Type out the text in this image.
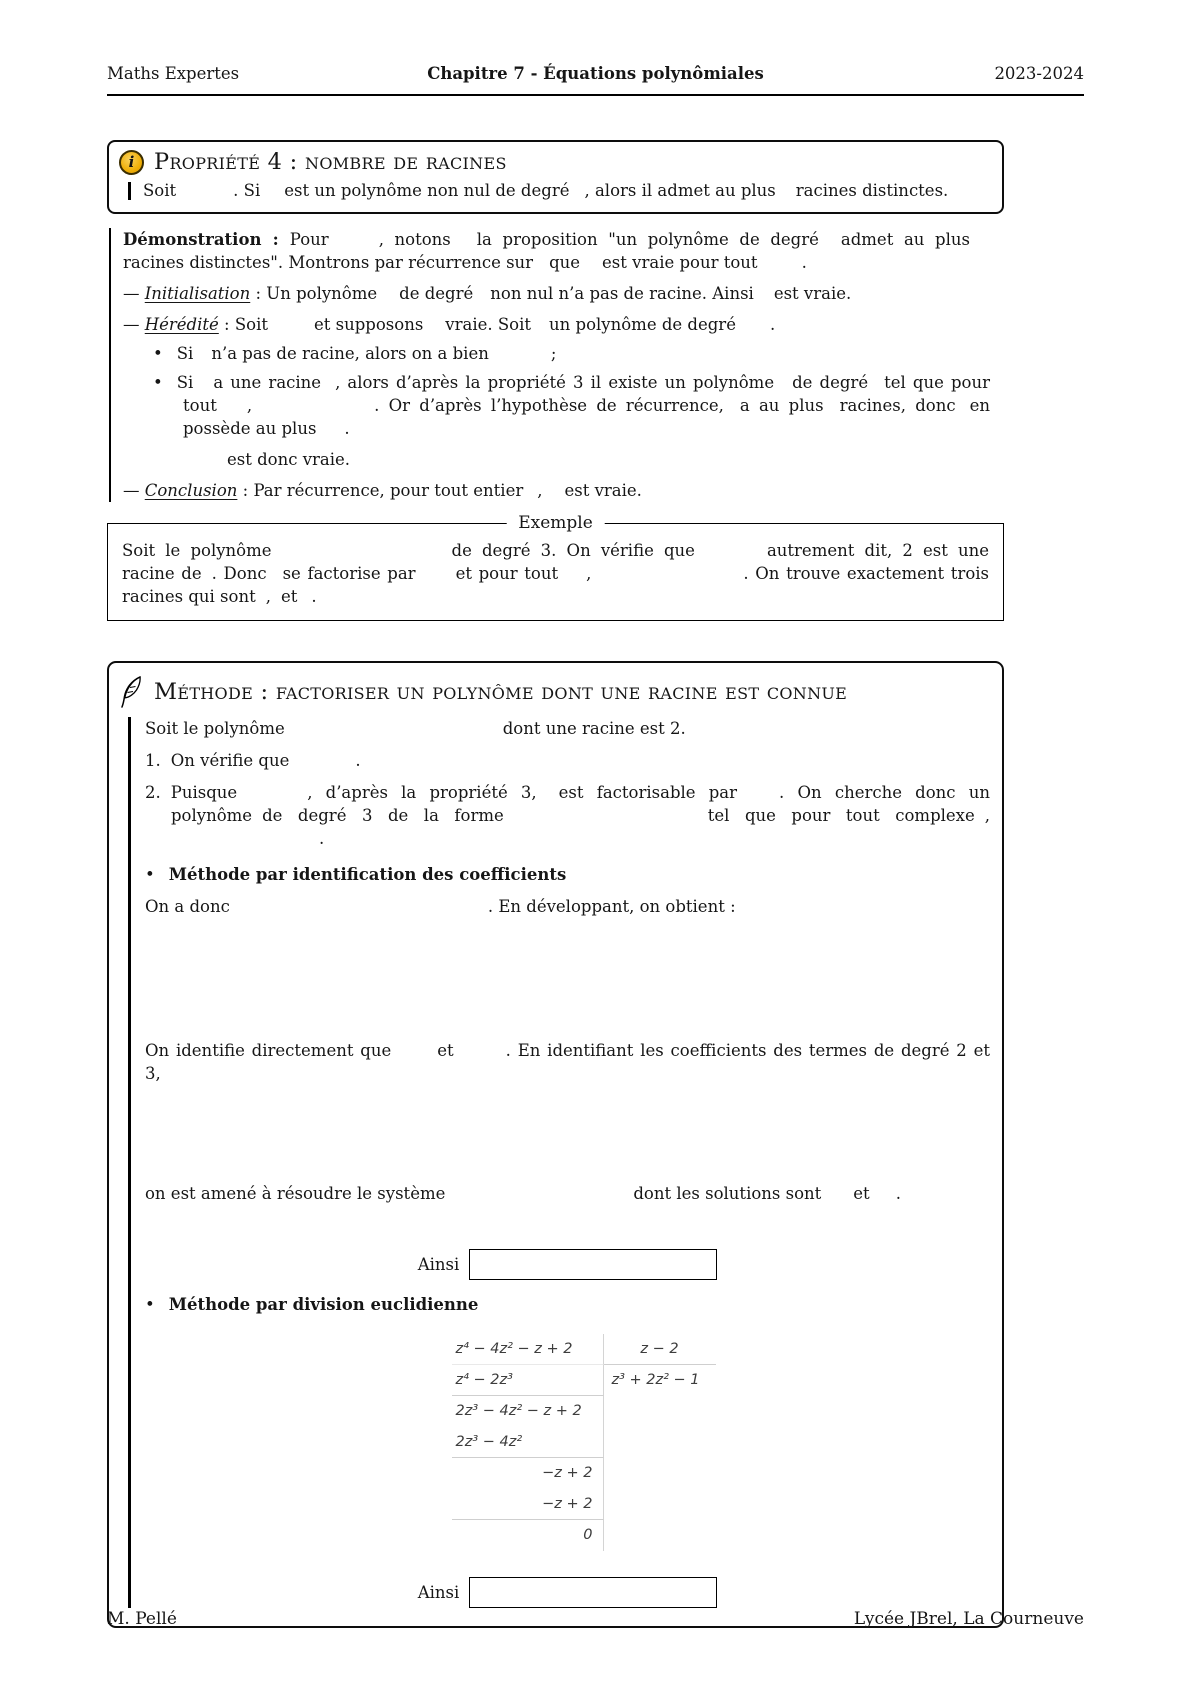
Maths Expertes	Chapitre 7 - Équations polynômiales	2023-2024
i Propriété 4 : nombre de racines

Soit	. Si est un polynôme non nul de degré , alors il admet au plus racines distinctes.

Démonstration : Pour	, notons la proposition "un polynôme de degré admet au plusracines distinctes". Montrons par récurrence sur que est vraie pour tout	.

— Initialisation : Un polynôme de degré non nul n’a pas de racine. Ainsi est vraie.

— Hérédité : Soit	et supposons vraie. Soit un polynôme de degré .

• Si n’a pas de racine, alors on a bien	;

• Si a une racine , alors d’après la propriété 3 il existe un polynôme de degré tel que pour tout ,	. Or d’après l’hypothèse de récurrence, a au plus racines, donc en possède au plus .

est donc vraie.

— Conclusion : Par récurrence, pour tout entier , est vraie.

Exemple

Soit le polynôme	de degré 3. On vérifie que	autrement dit, 2 est une racine de . Donc se factorise par et pour tout ,	. On trouve exactement trois racines qui sont , et .

Méthode : factoriser un polynôme dont une racine est connue

Soit le polynôme	dont une racine est 2.

1. On vérifie que	.

2. Puisque	, d’après la propriété 3, est factorisable par	. On cherche donc un polynôme de degré 3 de la forme	tel que pour tout complexe ,.

• Méthode par identification des coefficients

On a donc	. En développant, on obtient :

On identifie directement que	et	. En identifiant les coefficients des termes de degré 2 et 3,

on est amené à résoudre le système	dont les solutions sont et .

Ainsi

• Méthode par division euclidienne

z⁴ − 4z² − z + 2	z − 2
z⁴ − 2z³	z³ + 2z² − 1
2z³ − 4z² − z + 2
2z³ − 4z²
−z + 2
−z + 2
0
Ainsi
M. Pellé	Lycée JBrel, La Courneuve
